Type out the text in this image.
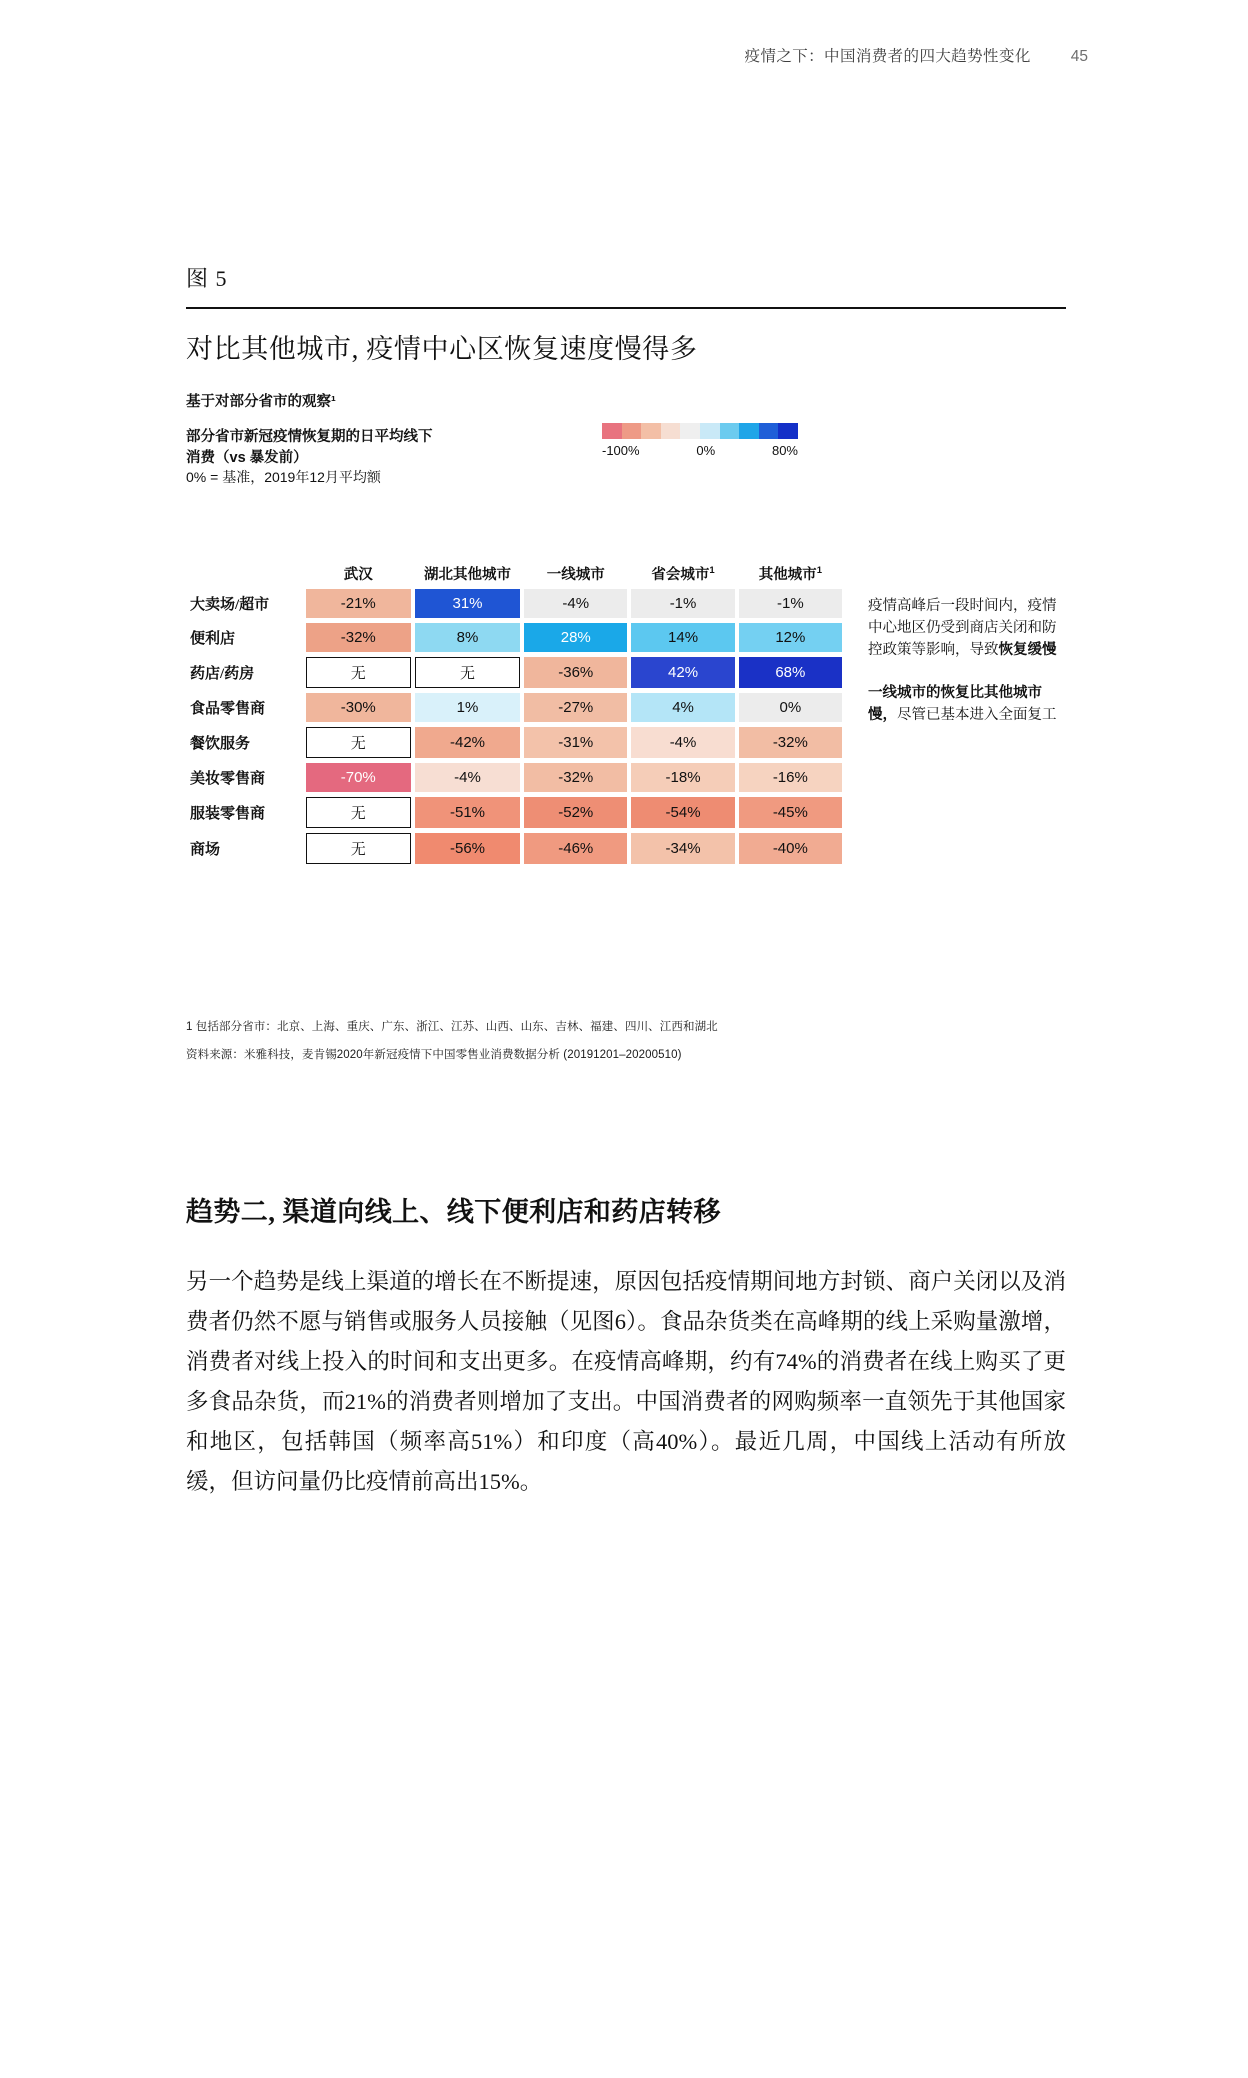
疫情之下：中国消费者的四大趋势性变化	45
图 5
对比其他城市, 疫情中心区恢复速度慢得多
基于对部分省市的观察¹
部分省市新冠疫情恢复期的日平均线下
消费（vs 暴发前）
0% = 基准，2019年12月平均额
-100%	0%	80%
	武汉	湖北其他城市	一线城市	省会城市$^1$	其他城市$^1$
大卖场/超市	-21%	31%	-4%	-1%	-1%
便利店	-32%	8%	28%	14%	12%
药店/药房	无	无	-36%	42%	68%
食品零售商	-30%	1%	-27%	4%	0%
餐饮服务	无	-42%	-31%	-4%	-32%
美妆零售商	-70%	-4%	-32%	-18%	-16%
服装零售商	无	-51%	-52%	-54%	-45%
商场	无	-56%	-46%	-34%	-40%

疫情高峰后一段时间内，疫情中心地区仍受到商店关闭和防控政策等影响，导致恢复缓慢

一线城市的恢复比其他城市慢，尽管已基本进入全面复工

1 包括部分省市：北京、上海、重庆、广东、浙江、江苏、山西、山东、吉林、福建、四川、江西和湖北
资料来源：米雅科技，麦肯锡2020年新冠疫情下中国零售业消费数据分析 (20191201–20200510)
趋势二, 渠道向线上、线下便利店和药店转移
另一个趋势是线上渠道的增长在不断提速，原因包括疫情期间地方封锁、商户关闭以及消费者仍然不愿与销售或服务人员接触（见图6）。食品杂货类在高峰期的线上采购量激增，消费者对线上投入的时间和支出更多。在疫情高峰期，约有74%的消费者在线上购买了更多食品杂货，而21%的消费者则增加了支出。中国消费者的网购频率一直领先于其他国家和地区，包括韩国（频率高51%）和印度（高40%）。最近几周，中国线上活动有所放缓，但访问量仍比疫情前高出15%。
